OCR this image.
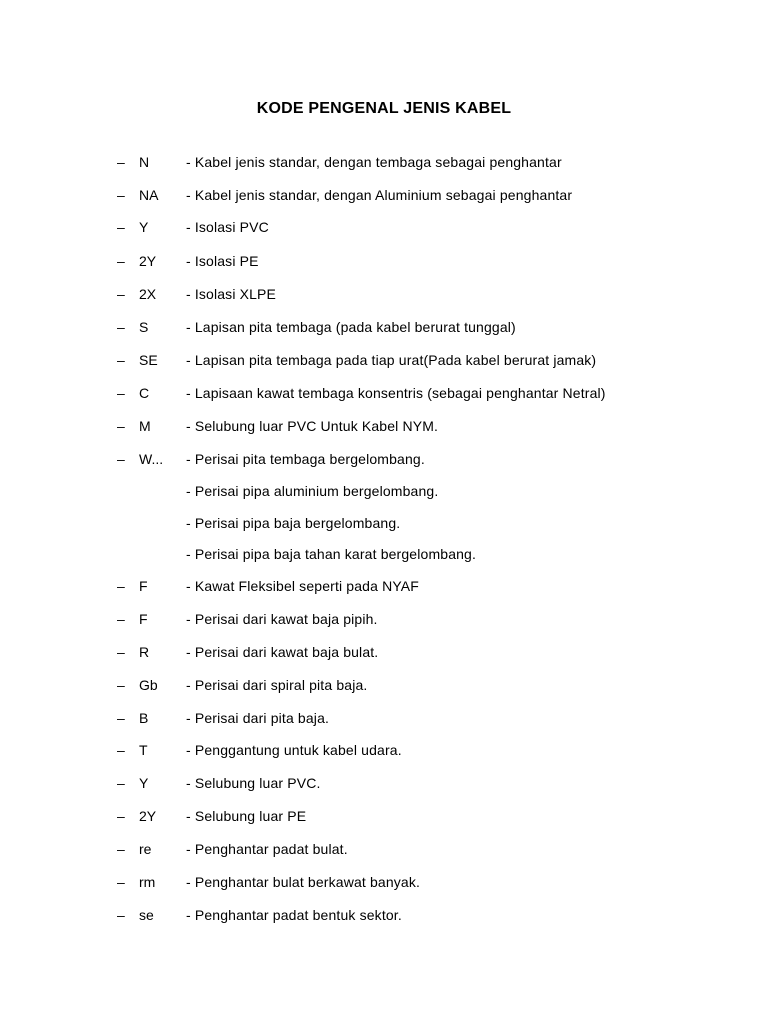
KODE PENGENAL JENIS KABEL
– N	- Kabel jenis standar, dengan tembaga sebagai penghantar
– NA - Kabel jenis standar, dengan Aluminium sebagai penghantar
– Y	- Isolasi PVC
– 2Y - Isolasi PE
– 2X - Isolasi XLPE
– S	- Lapisan pita tembaga (pada kabel berurat tunggal)
– SE - Lapisan pita tembaga pada tiap urat(Pada kabel berurat jamak)
– C	- Lapisaan kawat tembaga konsentris (sebagai penghantar Netral)
– M	- Selubung luar PVC Untuk Kabel NYM.
– W... - Perisai pita tembaga bergelombang.
- Perisai pipa aluminium bergelombang.
- Perisai pipa baja bergelombang.
- Perisai pipa baja tahan karat bergelombang.
– F	- Kawat Fleksibel seperti pada NYAF
– F	- Perisai dari kawat baja pipih.
– R	- Perisai dari kawat baja bulat.
– Gb - Perisai dari spiral pita baja.
– B	- Perisai dari pita baja.
– T	- Penggantung untuk kabel udara.
– Y	- Selubung luar PVC.
– 2Y - Selubung luar PE
– re - Penghantar padat bulat.
– rm - Penghantar bulat berkawat banyak.
– se - Penghantar padat bentuk sektor.
